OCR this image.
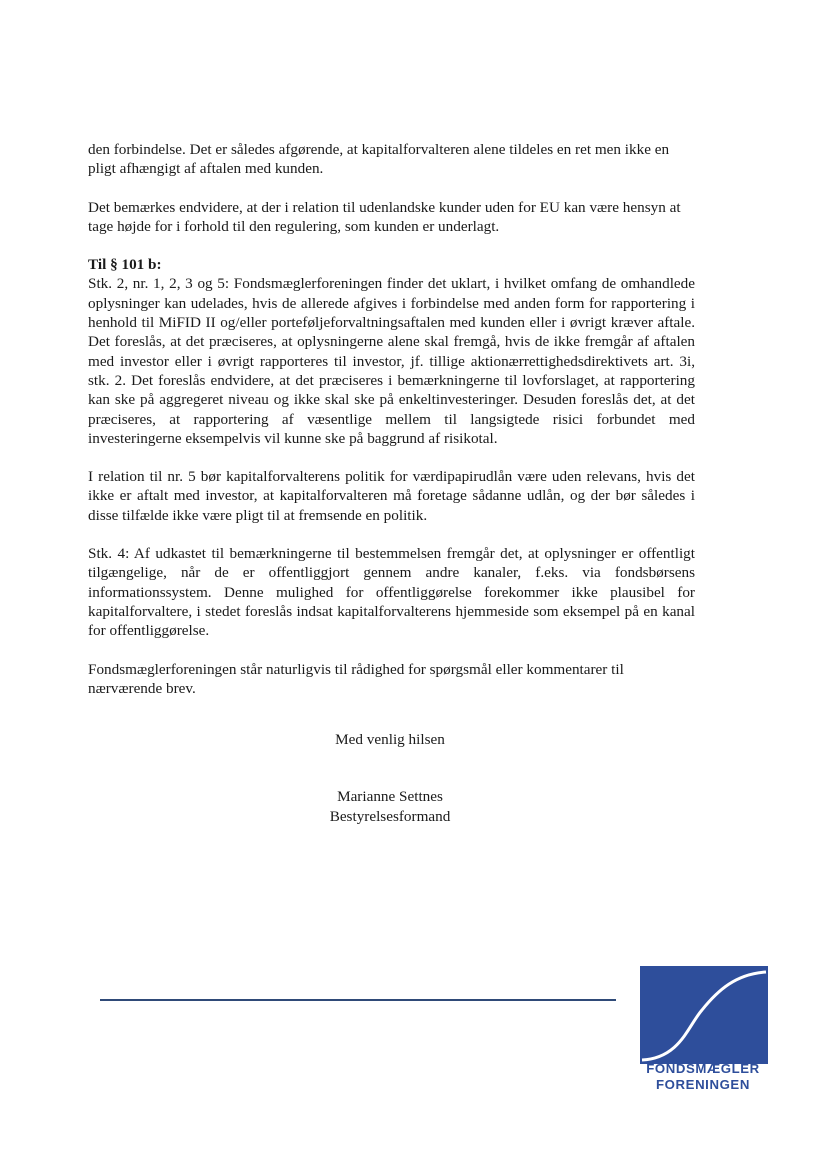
den forbindelse. Det er således afgørende, at kapitalforvalteren alene tildeles en ret men ikke en pligt afhængigt af aftalen med kunden.

Det bemærkes endvidere, at der i relation til udenlandske kunder uden for EU kan være hensyn at tage højde for i forhold til den regulering, som kunden er underlagt.

Til § 101 b:

Stk. 2, nr. 1, 2, 3 og 5: Fondsmæglerforeningen finder det uklart, i hvilket omfang de omhandlede oplysninger kan udelades, hvis de allerede afgives i forbindelse med anden form for rapportering i henhold til MiFID II og/eller porteføljeforvaltningsaftalen med kunden eller i øvrigt kræver aftale. Det foreslås, at det præciseres, at oplysningerne alene skal fremgå, hvis de ikke fremgår af aftalen med investor eller i øvrigt rapporteres til investor, jf. tillige aktionærrettighedsdirektivets art. 3i, stk. 2. Det foreslås endvidere, at det præciseres i bemærkningerne til lovforslaget, at rapportering kan ske på aggregeret niveau og ikke skal ske på enkeltinvesteringer. Desuden foreslås det, at det præciseres, at rapportering af væsentlige mellem til langsigtede risici forbundet med investeringerne eksempelvis vil kunne ske på baggrund af risikotal.

I relation til nr. 5 bør kapitalforvalterens politik for værdipapirudlån være uden relevans, hvis det ikke er aftalt med investor, at kapitalforvalteren må foretage sådanne udlån, og der bør således i disse tilfælde ikke være pligt til at fremsende en politik.

Stk. 4: Af udkastet til bemærkningerne til bestemmelsen fremgår det, at oplysninger er offentligt tilgængelige, når de er offentliggjort gennem andre kanaler, f.eks. via fondsbørsens informationssystem. Denne mulighed for offentliggørelse forekommer ikke plausibel for kapitalforvaltere, i stedet foreslås indsat kapitalforvalterens hjemmeside som eksempel på en kanal for offentliggørelse.

Fondsmæglerforeningen står naturligvis til rådighed for spørgsmål eller kommentarer til nærværende brev.

Med venlig hilsen
Marianne Settnes
Bestyrelsesformand
FONDSMÆGLER
FORENINGEN
